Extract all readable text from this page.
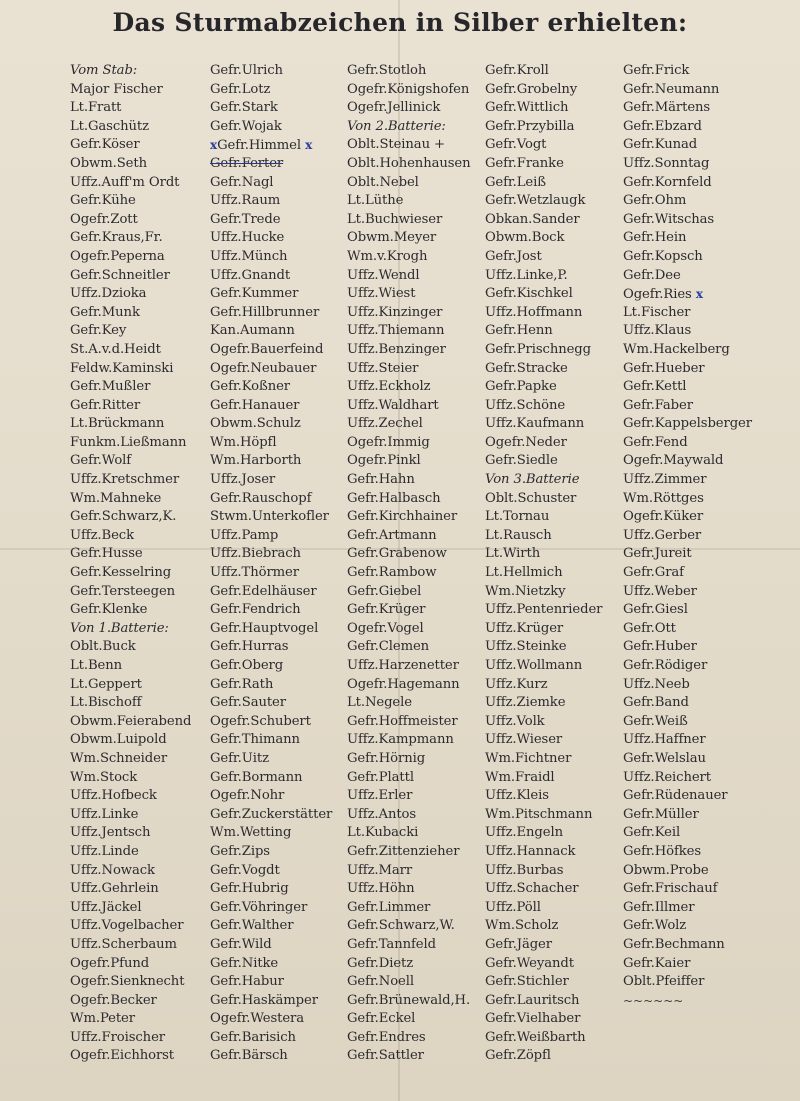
Das Sturmabzeichen in Silber erhielten:
Vom Stab:
Major Fischer
Lt.Fratt
Lt.Gaschütz
Gefr.Köser
Obwm.Seth
Uffz.Auff'm Ordt
Gefr.Kühe
Ogefr.Zott
Gefr.Kraus,Fr.
Ogefr.Peperna
Gefr.Schneitler
Uffz.Dzioka
Gefr.Munk
Gefr.Key
St.A.v.d.Heidt
Feldw.Kaminski
Gefr.Mußler
Gefr.Ritter
Lt.Brückmann
Funkm.Ließmann
Gefr.Wolf
Uffz.Kretschmer
Wm.Mahneke
Gefr.Schwarz,K.
Uffz.Beck
Gefr.Husse
Gefr.Kesselring
Gefr.Tersteegen
Gefr.Klenke
Von 1.Batterie:
Oblt.Buck
Lt.Benn
Lt.Geppert
Lt.Bischoff
Obwm.Feierabend
Obwm.Luipold
Wm.Schneider
Wm.Stock
Uffz.Hofbeck
Uffz.Linke
Uffz.Jentsch
Uffz.Linde
Uffz.Nowack
Uffz.Gehrlein
Uffz.Jäckel
Uffz.Vogelbacher
Uffz.Scherbaum
Ogefr.Pfund
Ogefr.Sienknecht
Ogefr.Becker
Wm.Peter
Uffz.Froischer
Ogefr.Eichhorst
Gefr.Ulrich
Gefr.Lotz
Gefr.Stark
Gefr.Wojak
xGefr.Himmel x
Gefr.Ferter
Gefr.Nagl
Uffz.Raum
Gefr.Trede
Uffz.Hucke
Uffz.Münch
Uffz.Gnandt
Gefr.Kummer
Gefr.Hillbrunner
Kan.Aumann
Ogefr.Bauerfeind
Ogefr.Neubauer
Gefr.Koßner
Gefr.Hanauer
Obwm.Schulz
Wm.Höpfl
Wm.Harborth
Uffz.Joser
Gefr.Rauschopf
Stwm.Unterkofler
Uffz.Pamp
Uffz.Biebrach
Uffz.Thörmer
Gefr.Edelhäuser
Gefr.Fendrich
Gefr.Hauptvogel
Gefr.Hurras
Gefr.Oberg
Gefr.Rath
Gefr.Sauter
Ogefr.Schubert
Gefr.Thimann
Gefr.Uitz
Gefr.Bormann
Ogefr.Nohr
Gefr.Zuckerstätter
Wm.Wetting
Gefr.Zips
Gefr.Vogdt
Gefr.Hubrig
Gefr.Vöhringer
Gefr.Walther
Gefr.Wild
Gefr.Nitke
Gefr.Habur
Gefr.Haskämper
Ogefr.Westera
Gefr.Barisich
Gefr.Bärsch
Gefr.Stotloh
Ogefr.Königshofen
Ogefr.Jellinick
Von 2.Batterie:
Oblt.Steinau +
Oblt.Hohenhausen
Oblt.Nebel
Lt.Lüthe
Lt.Buchwieser
Obwm.Meyer
Wm.v.Krogh
Uffz.Wendl
Uffz.Wiest
Uffz.Kinzinger
Uffz.Thiemann
Uffz.Benzinger
Uffz.Steier
Uffz.Eckholz
Uffz.Waldhart
Uffz.Zechel
Ogefr.Immig
Ogefr.Pinkl
Gefr.Hahn
Gefr.Halbasch
Gefr.Kirchhainer
Gefr.Artmann
Gefr.Grabenow
Gefr.Rambow
Gefr.Giebel
Gefr.Krüger
Ogefr.Vogel
Gefr.Clemen
Uffz.Harzenetter
Ogefr.Hagemann
Lt.Negele
Gefr.Hoffmeister
Uffz.Kampmann
Gefr.Hörnig
Gefr.Plattl
Uffz.Erler
Uffz.Antos
Lt.Kubacki
Gefr.Zittenzieher
Uffz.Marr
Uffz.Höhn
Gefr.Limmer
Gefr.Schwarz,W.
Gefr.Tannfeld
Gefr.Dietz
Gefr.Noell
Gefr.Brünewald,H.
Gefr.Eckel
Gefr.Endres
Gefr.Sattler
Gefr.Kroll
Gefr.Grobelny
Gefr.Wittlich
Gefr.Przybilla
Gefr.Vogt
Gefr.Franke
Gefr.Leiß
Gefr.Wetzlaugk
Obkan.Sander
Obwm.Bock
Gefr.Jost
Uffz.Linke,P.
Gefr.Kischkel
Uffz.Hoffmann
Gefr.Henn
Gefr.Prischnegg
Gefr.Stracke
Gefr.Papke
Uffz.Schöne
Uffz.Kaufmann
Ogefr.Neder
Gefr.Siedle
Von 3.Batterie
Oblt.Schuster
Lt.Tornau
Lt.Rausch
Lt.Wirth
Lt.Hellmich
Wm.Nietzky
Uffz.Pentenrieder
Uffz.Krüger
Uffz.Steinke
Uffz.Wollmann
Uffz.Kurz
Uffz.Ziemke
Uffz.Volk
Uffz.Wieser
Wm.Fichtner
Wm.Fraidl
Uffz.Kleis
Wm.Pitschmann
Uffz.Engeln
Uffz.Hannack
Uffz.Burbas
Uffz.Schacher
Uffz.Pöll
Wm.Scholz
Gefr.Jäger
Gefr.Weyandt
Gefr.Stichler
Gefr.Lauritsch
Gefr.Vielhaber
Gefr.Weißbarth
Gefr.Zöpfl
Gefr.Frick
Gefr.Neumann
Gefr.Märtens
Gefr.Ebzard
Gefr.Kunad
Uffz.Sonntag
Gefr.Kornfeld
Gefr.Ohm
Gefr.Witschas
Gefr.Hein
Gefr.Kopsch
Gefr.Dee
Ogefr.Ries x
Lt.Fischer
Uffz.Klaus
Wm.Hackelberg
Gefr.Hueber
Gefr.Kettl
Gefr.Faber
Gefr.Kappelsberger
Gefr.Fend
Ogefr.Maywald
Uffz.Zimmer
Wm.Röttges
Ogefr.Küker
Uffz.Gerber
Gefr.Jureit
Gefr.Graf
Uffz.Weber
Gefr.Giesl
Gefr.Ott
Gefr.Huber
Gefr.Rödiger
Uffz.Neeb
Gefr.Band
Gefr.Weiß
Uffz.Haffner
Gefr.Welslau
Uffz.Reichert
Gefr.Rüdenauer
Gefr.Müller
Gefr.Keil
Gefr.Höfkes
Obwm.Probe
Gefr.Frischauf
Gefr.Illmer
Gefr.Wolz
Gefr.Bechmann
Gefr.Kaier
Oblt.Pfeiffer
~~~~~~
